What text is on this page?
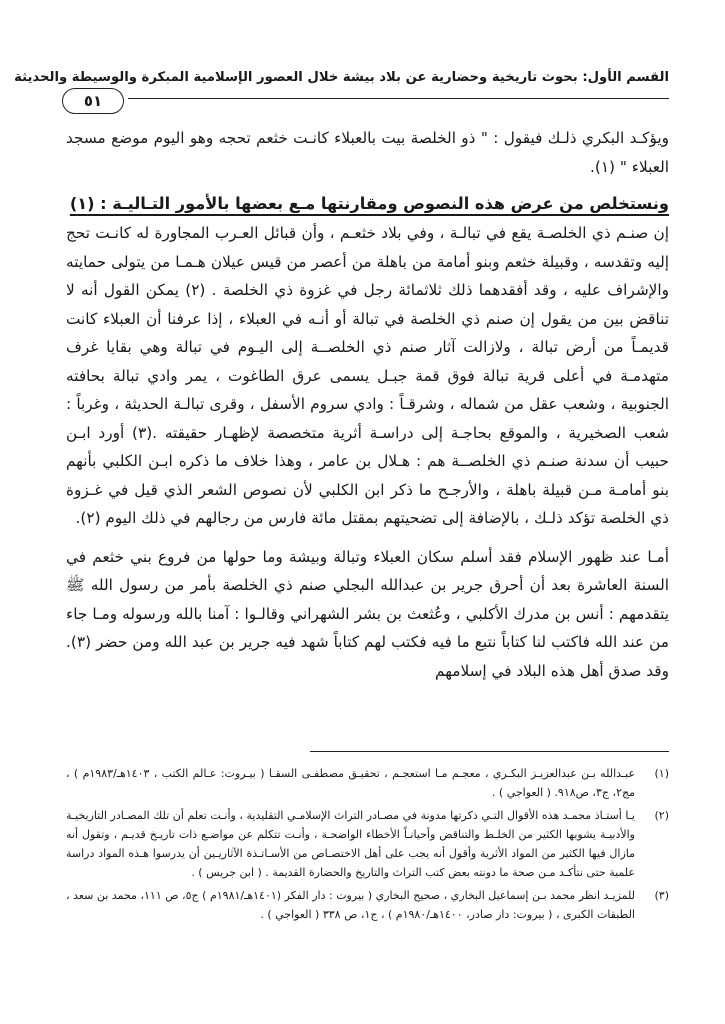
القسم الأول: بحوث تاريخية وحضارية عن بلاد بيشة خلال العصور الإسلامية المبكرة والوسيطة والحديثة
٥١

ويؤكـد البكري ذلـك فيقول : " ذو الخلصة بيت بالعبلاء كانـت خثعم تحجه وهو اليوم موضع مسجد العبلاء " (١).

ونستخلص من عرض هذه النصوص ومقارنتها مـع بعضها بالأمور التـاليـة : (١)

إن صنـم ذي الخلصـة يقع في تبالـة ، وفي بلاد خثعـم ، وأن قبائل العـرب المجاورة له كانـت تحج إليه وتقدسه ، وقبيلة خثعم وبنو أمامة من باهلة من أعصر من قيس عيلان هـمـا من يتولى حمايته والإشراف عليه ، وقد أفقدهما ذلك ثلاثمائة رجل في غزوة ذي الخلصة . (٢) يمكن القول أنه لا تناقض بين من يقول إن صنم ذي الخلصة في تبالة أو أنـه في العبلاء ، إذا عرفنا أن العبلاء كانت قديمـاً من أرض تبالة ، ولازالت آثار صنم ذي الخلصــة إلى اليـوم في تبالة وهي بقايا غرف متهدمـة في أعلى قرية تبالة فوق قمة جبـل يسمى عرق الطاغوت ، يمر وادي تبالة بحافته الجنوبية ، وشعب عقل من شماله ، وشرقـاً : وادي سروم الأسفل ، وقرى تبالـة الحديثة ، وغرباً : شعب الصخيرية ، والموقع بحاجـة إلى دراسـة أثرية متخصصة لإظهـار حقيقته .(٣) أورد ابـن حبيب أن سدنة صنـم ذي الخلصــة هم : هـلال بن عامر ، وهذا خلاف ما ذكره ابـن الكلبي بأنهم بنو أمامـة مـن قبيلة باهلة ، والأرجـح ما ذكر ابن الكلبي لأن نصوص الشعر الذي قيل في غـزوة ذي الخلصة تؤكد ذلـك ، بالإضافة إلى تضحيتهم بمقتل مائة فارس من رجالهم في ذلك اليوم (٢).

أمـا عند ظهور الإسلام فقد أسلم سكان العبلاء وتبالة وبيشة وما حولها من فروع بني خثعم في السنة العاشرة بعد أن أحرق جرير بن عبدالله البجلي صنم ذي الخلصة بأمر من رسول الله ﷺ يتقدمهم : أنس بن مدرك الأكلبي ، وعُثعث بن بشر الشهراني وقالـوا : آمنا بالله ورسوله ومـا جاء من عند الله فاكتب لنا كتاباً نتبع ما فيه فكتب لهم كتاباً شهد فيه جرير بن عبد الله ومن حضر (٣). وقد صدق أهل هذه البلاد في إسلامهم

(١)
عبـدالله بـن عبدالعزيـز البكـري ، معجـم مـا استعجـم ، تحقيـق مصطفـى السقـا ( بيـروت: عـالم الكتب ، ١٤٠٣هـ/١٩٨٣م ) ، مج٢، ج٣، ص٩١٨. ( العواجي ) .
(٢)
يـا أستـاذ محمـد هذه الأقوال التـي ذكرتها مدونة في مصـادر التراث الإسلامـي التقليدية ، وأنـت تعلم أن تلك المصـادر التاريخيـة والأدبيـة يشوبها الكثير من الخلـط والتناقض وأحيانـاً الأخطاء الواضحـة ، وأنـت تتكلم عن مواضـع ذات تاريـخ قديـم ، وتقول أنه مازال فيها الكثير من المواد الأثرية وأقول أنه يجب على أهل الاختصـاص من الأسـاتـذة الآثاريـين أن يدرسوا هـذه المواد دراسة علمية حتى نتأكـد مـن صحة ما دونته بعض كتب التراث والتاريخ والحضارة القديمة . ( ابن جريس ) .
(٣)
للمزيـد انظر محمد بـن إسماعيل البخاري ، صحيح البخاري ( بيروت : دار الفكر (١٤٠١هـ/١٩٨١م ) ج٥، ص ١١١، محمد بن سعد ، الطبقات الكبرى ، ( بيروت: دار صادر، ١٤٠٠هـ/١٩٨٠م ) ، ج١، ص ٣٣٨ ( العواجي ) .
